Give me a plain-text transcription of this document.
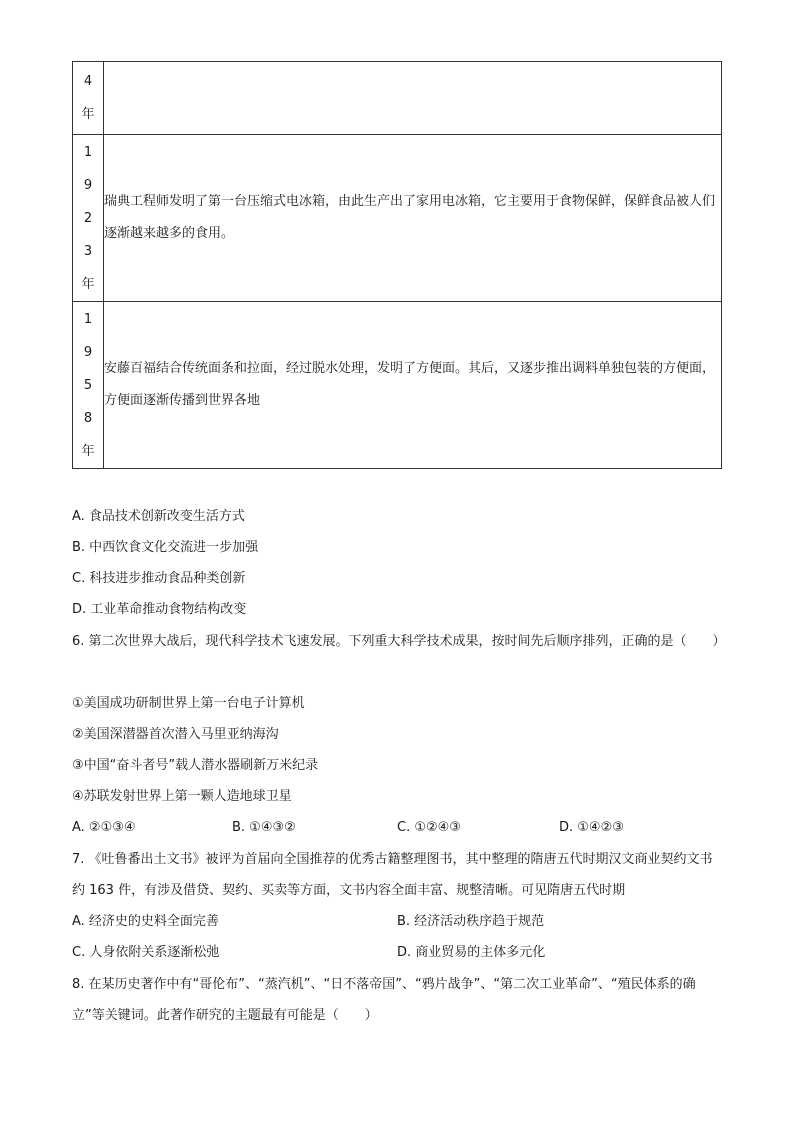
4
年	

1
9
2
3
年	瑞典工程师发明了第一台压缩式电冰箱，由此生产出了家用电冰箱，它主要用于食物保鲜，保鲜食品被人们逐渐越来越多的食用。

1
9
5
8
年	安藤百福结合传统面条和拉面，经过脱水处理，发明了方便面。其后，又逐步推出调料单独包装的方便面，方便面逐渐传播到世界各地
A. 食品技术创新改变生活方式
B. 中西饮食文化交流进一步加强
C. 科技进步推动食品种类创新
D. 工业革命推动食物结构改变
6. 第二次世界大战后，现代科学技术飞速发展。下列重大科学技术成果，按时间先后顺序排列，正确的是（　　）
①美国成功研制世界上第一台电子计算机
②美国深潜器首次潜入马里亚纳海沟
③中国“奋斗者号”载人潜水器刷新万米纪录
④苏联发射世界上第一颗人造地球卫星
A. ②①③④	B. ①④③②	C. ①②④③	D. ①④②③
7. 《吐鲁番出土文书》被评为首届向全国推荐的优秀古籍整理图书，其中整理的隋唐五代时期汉文商业契约文书约 163 件，有涉及借贷、契约、买卖等方面，文书内容全面丰富、规整清晰。可见隋唐五代时期
A. 经济史的史料全面完善	B. 经济活动秩序趋于规范
C. 人身依附关系逐渐松弛	D. 商业贸易的主体多元化
8. 在某历史著作中有“哥伦布”、“蒸汽机”、“日不落帝国”、“鸦片战争”、“第二次工业革命”、“殖民体系的确立”等关键词。此著作研究的主题最有可能是（　　）
